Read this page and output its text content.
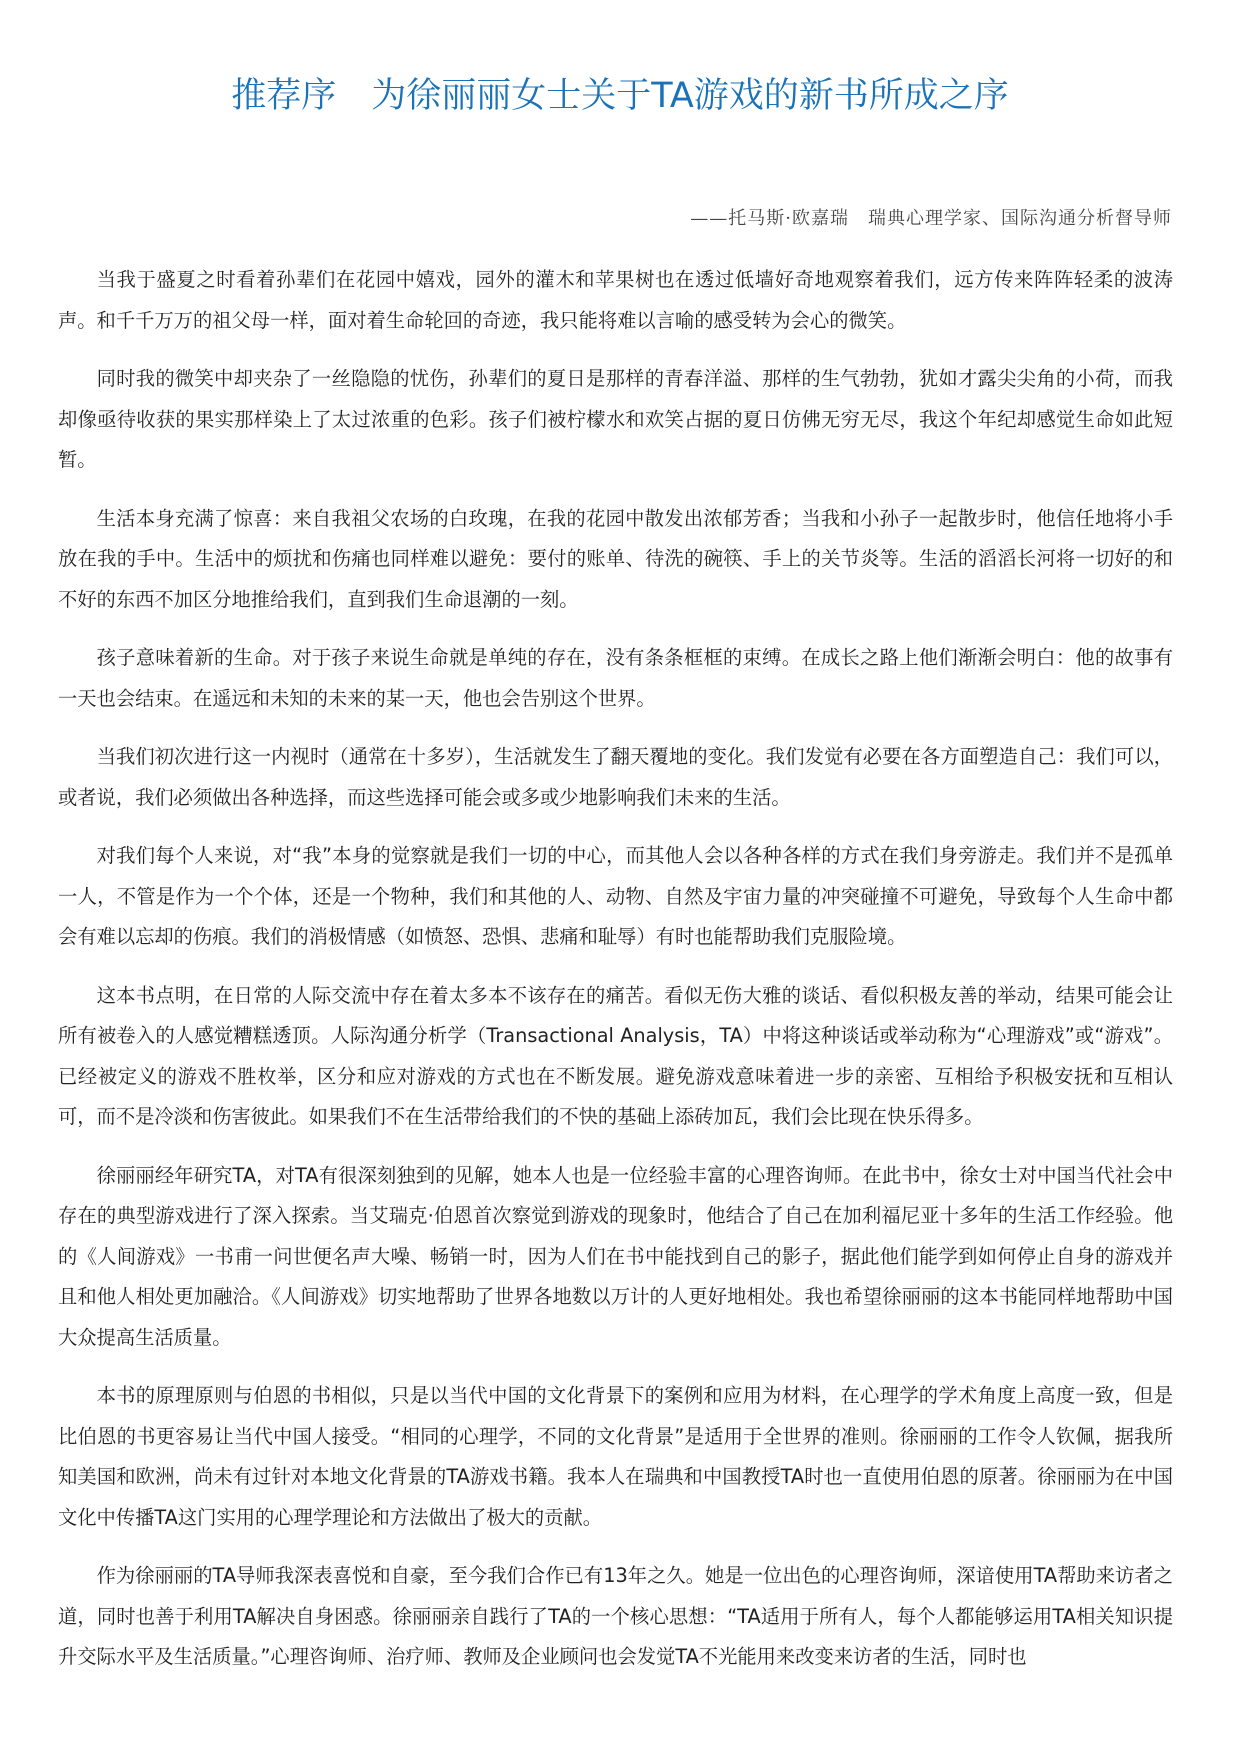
推荐序　为徐丽丽女士关于TA游戏的新书所成之序
——托马斯·欧嘉瑞　瑞典心理学家、国际沟通分析督导师

当我于盛夏之时看着孙辈们在花园中嬉戏，园外的灌木和苹果树也在透过低墙好奇地观察着我们，远方传来阵阵轻柔的波涛声。和千千万万的祖父母一样，面对着生命轮回的奇迹，我只能将难以言喻的感受转为会心的微笑。

同时我的微笑中却夹杂了一丝隐隐的忧伤，孙辈们的夏日是那样的青春洋溢、那样的生气勃勃，犹如才露尖尖角的小荷，而我却像亟待收获的果实那样染上了太过浓重的色彩。孩子们被柠檬水和欢笑占据的夏日仿佛无穷无尽，我这个年纪却感觉生命如此短暂。

生活本身充满了惊喜：来自我祖父农场的白玫瑰，在我的花园中散发出浓郁芳香；当我和小孙子一起散步时，他信任地将小手放在我的手中。生活中的烦扰和伤痛也同样难以避免：要付的账单、待洗的碗筷、手上的关节炎等。生活的滔滔长河将一切好的和不好的东西不加区分地推给我们，直到我们生命退潮的一刻。

孩子意味着新的生命。对于孩子来说生命就是单纯的存在，没有条条框框的束缚。在成长之路上他们渐渐会明白：他的故事有一天也会结束。在遥远和未知的未来的某一天，他也会告别这个世界。

当我们初次进行这一内视时（通常在十多岁），生活就发生了翻天覆地的变化。我们发觉有必要在各方面塑造自己：我们可以，或者说，我们必须做出各种选择，而这些选择可能会或多或少地影响我们未来的生活。

对我们每个人来说，对“我”本身的觉察就是我们一切的中心，而其他人会以各种各样的方式在我们身旁游走。我们并不是孤单一人，不管是作为一个个体，还是一个物种，我们和其他的人、动物、自然及宇宙力量的冲突碰撞不可避免，导致每个人生命中都会有难以忘却的伤痕。我们的消极情感（如愤怒、恐惧、悲痛和耻辱）有时也能帮助我们克服险境。

这本书点明，在日常的人际交流中存在着太多本不该存在的痛苦。看似无伤大雅的谈话、看似积极友善的举动，结果可能会让所有被卷入的人感觉糟糕透顶。人际沟通分析学（Transactional Analysis，TA）中将这种谈话或举动称为“心理游戏”或“游戏”。已经被定义的游戏不胜枚举，区分和应对游戏的方式也在不断发展。避免游戏意味着进一步的亲密、互相给予积极安抚和互相认可，而不是冷淡和伤害彼此。如果我们不在生活带给我们的不快的基础上添砖加瓦，我们会比现在快乐得多。

徐丽丽经年研究TA，对TA有很深刻独到的见解，她本人也是一位经验丰富的心理咨询师。在此书中，徐女士对中国当代社会中存在的典型游戏进行了深入探索。当艾瑞克·伯恩首次察觉到游戏的现象时，他结合了自己在加利福尼亚十多年的生活工作经验。他的《人间游戏》一书甫一问世便名声大噪、畅销一时，因为人们在书中能找到自己的影子，据此他们能学到如何停止自身的游戏并且和他人相处更加融洽。《人间游戏》切实地帮助了世界各地数以万计的人更好地相处。我也希望徐丽丽的这本书能同样地帮助中国大众提高生活质量。

本书的原理原则与伯恩的书相似，只是以当代中国的文化背景下的案例和应用为材料，在心理学的学术角度上高度一致，但是比伯恩的书更容易让当代中国人接受。“相同的心理学，不同的文化背景”是适用于全世界的准则。徐丽丽的工作令人钦佩，据我所知美国和欧洲，尚未有过针对本地文化背景的TA游戏书籍。我本人在瑞典和中国教授TA时也一直使用伯恩的原著。徐丽丽为在中国文化中传播TA这门实用的心理学理论和方法做出了极大的贡献。

作为徐丽丽的TA导师我深表喜悦和自豪，至今我们合作已有13年之久。她是一位出色的心理咨询师，深谙使用TA帮助来访者之道，同时也善于利用TA解决自身困惑。徐丽丽亲自践行了TA的一个核心思想：“TA适用于所有人，每个人都能够运用TA相关知识提升交际水平及生活质量。”心理咨询师、治疗师、教师及企业顾问也会发觉TA不光能用来改变来访者的生活，同时也
